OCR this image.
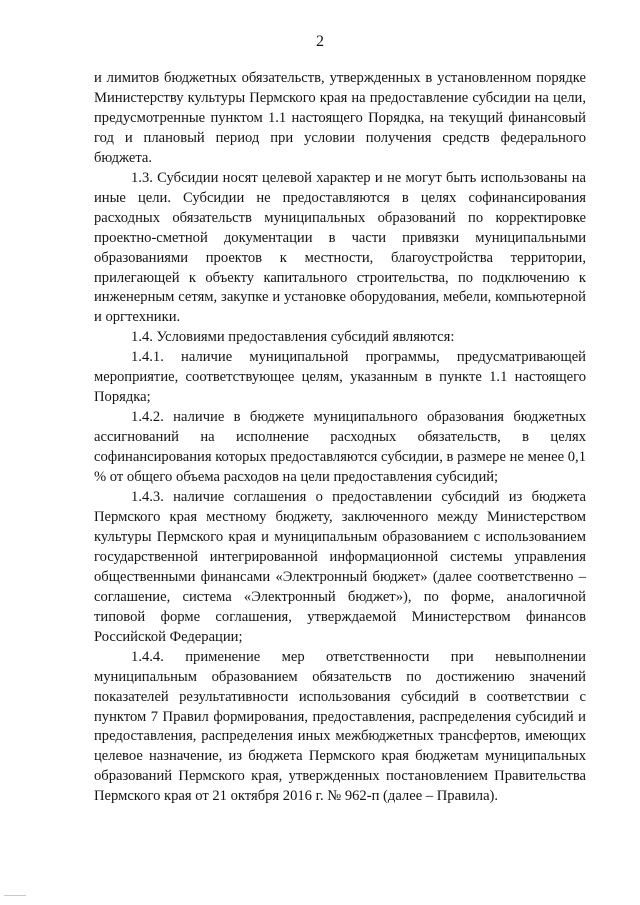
2

и лимитов бюджетных обязательств, утвержденных в установленном порядке Министерству культуры Пермского края на предоставление субсидии на цели, предусмотренные пунктом 1.1 настоящего Порядка, на текущий финансовый год и плановый период при условии получения средств федерального бюджета.

1.3. Субсидии носят целевой характер и не могут быть использованы на иные цели. Субсидии не предоставляются в целях софинансирования расходных обязательств муниципальных образований по корректировке проектно-сметной документации в части привязки муниципальными образованиями проектов к местности, благоустройства территории, прилегающей к объекту капитального строительства, по подключению к инженерным сетям, закупке и установке оборудования, мебели, компьютерной и оргтехники.

1.4. Условиями предоставления субсидий являются:

1.4.1. наличие муниципальной программы, предусматривающей мероприятие, соответствующее целям, указанным в пункте 1.1 настоящего Порядка;

1.4.2. наличие в бюджете муниципального образования бюджетных ассигнований на исполнение расходных обязательств, в целях софинансирования которых предоставляются субсидии, в размере не менее 0,1 % от общего объема расходов на цели предоставления субсидий;

1.4.3. наличие соглашения о предоставлении субсидий из бюджета Пермского края местному бюджету, заключенного между Министерством культуры Пермского края и муниципальным образованием с использованием государственной интегрированной информационной системы управления общественными финансами «Электронный бюджет» (далее соответственно – соглашение, система «Электронный бюджет»), по форме, аналогичной типовой форме соглашения, утверждаемой Министерством финансов Российской Федерации;

1.4.4. применение мер ответственности при невыполнении муниципальным образованием обязательств по достижению значений показателей результативности использования субсидий в соответствии с пунктом 7 Правил формирования, предоставления, распределения субсидий и предоставления, распределения иных межбюджетных трансфертов, имеющих целевое назначение, из бюджета Пермского края бюджетам муниципальных образований Пермского края, утвержденных постановлением Правительства Пермского края от 21 октября 2016 г. № 962-п (далее – Правила).
